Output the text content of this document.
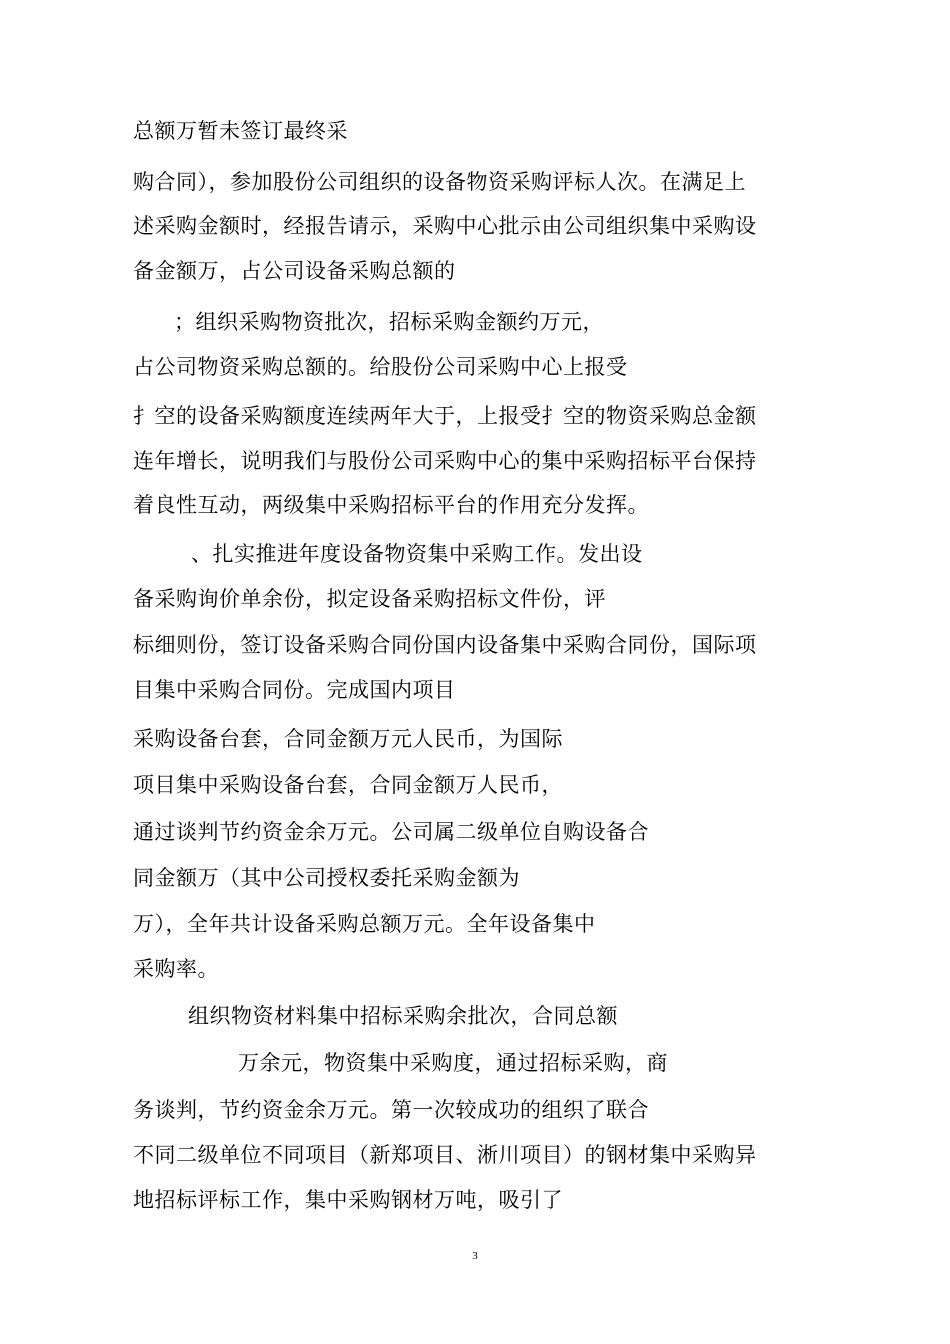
总额万暂未签订最终采
购合同），参加股份公司组织的设备物资采购评标人次。在满足上
述采购金额时，经报告请示，采购中心批示由公司组织集中采购设
备金额万，占公司设备采购总额的
；组织采购物资批次，招标采购金额约万元，
占公司物资采购总额的。给股份公司采购中心上报受
扌空的设备采购额度连续两年大于，上报受扌空的物资采购总金额
连年增长，说明我们与股份公司采购中心的集中采购招标平台保持
着良性互动，两级集中采购招标平台的作用充分发挥。
、扎实推进年度设备物资集中采购工作。发出设
备采购询价单余份，拟定设备采购招标文件份，评
标细则份，签订设备采购合同份国内设备集中采购合同份，国际项
目集中采购合同份。完成国内项目
采购设备台套，合同金额万元人民币，为国际
项目集中采购设备台套，合同金额万人民币，
通过谈判节约资金余万元。公司属二级单位自购设备合
同金额万（其中公司授权委托采购金额为
万），全年共计设备采购总额万元。全年设备集中
采购率。
组织物资材料集中招标采购余批次，合同总额
万余元，物资集中采购度，通过招标采购，商
务谈判，节约资金余万元。第一次较成功的组织了联合
不同二级单位不同项目（新郑项目、淅川项目）的钢材集中采购异
地招标评标工作，集中采购钢材万吨，吸引了
3
